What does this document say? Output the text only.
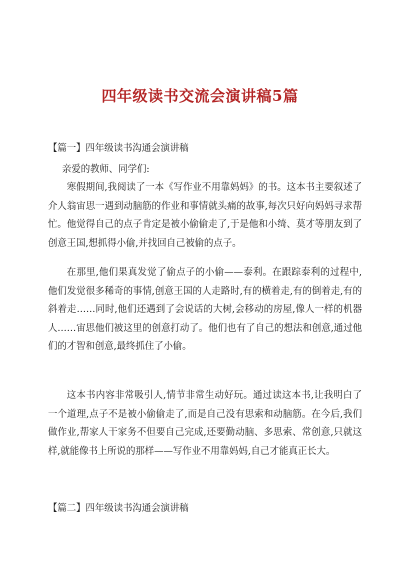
四年级读书交流会演讲稿5篇
【篇一】四年级读书沟通会演讲稿
亲爱的教师、同学们:

寒假期间,我阅读了一本《写作业不用靠妈妈》的书。这本书主要叙述了介人翁宙思一遇到动脑筋的作业和事情就头痛的故事,每次只好向妈妈寻求帮忙。他觉得自己的点子肯定是被小偷偷走了,于是他和小绮、莫才等朋友到了创意王国,想抓得小偷,并找回自己被偷的点子。

在那里,他们果真发觉了偷点子的小偷——泰利。在跟踪泰利的过程中,他们发觉很多稀奇的事情,创意王国的人走路时,有的横着走,有的倒着走,有的斜着走……同时,他们还遇到了会说话的大树,会移动的房屋,像人一样的机器人……宙思他们被这里的创意打动了。他们也有了自己的想法和创意,通过他们的才智和创意,最终抓住了小偷。

这本书内容非常吸引人,情节非常生动好玩。通过读这本书,让我明白了一个道理,点子不是被小偷偷走了,而是自己没有思索和动脑筋。在今后,我们做作业,帮家人干家务不但要自己完成,还要勤动脑、多思索、常创意,只就这样,就能像书上所说的那样——写作业不用靠妈妈,自己才能真正长大。

【篇二】四年级读书沟通会演讲稿
